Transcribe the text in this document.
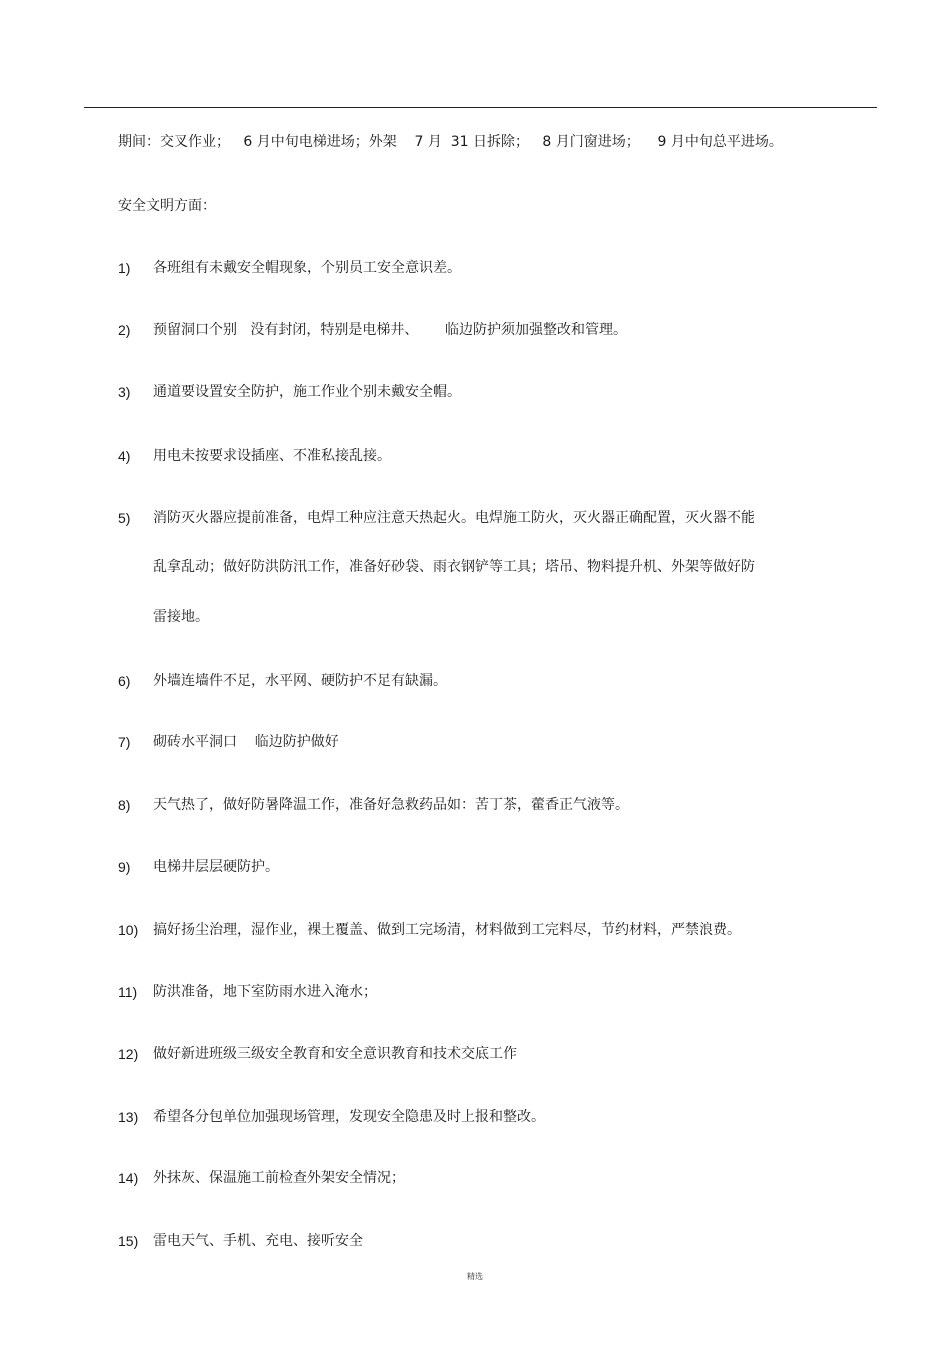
期间：交叉作业；   6 月中旬电梯进场；外架    7 月  31 日拆除；   8 月门窗进场；    9 月中旬总平进场。
安全文明方面：
1)	各班组有未戴安全帽现象，个别员工安全意识差。
2)	预留洞口个别   没有封闭，特别是电梯井、      临边防护须加强整改和管理。
3)	通道要设置安全防护，施工作业个别未戴安全帽。
4)	用电未按要求设插座、不准私接乱接。
5)	消防灭火器应提前准备，电焊工种应注意天热起火。电焊施工防火，灭火器正确配置，灭火器不能
乱拿乱动；做好防洪防汛工作，准备好砂袋、雨衣钢铲等工具；塔吊、物料提升机、外架等做好防
雷接地。
6)	外墙连墙件不足，水平网、硬防护不足有缺漏。
7)	砌砖水平洞口    临边防护做好
8)	天气热了，做好防暑降温工作，准备好急救药品如：苦丁茶，藿香正气液等。
9)	电梯井层层硬防护。
10)	搞好扬尘治理，湿作业，裸土覆盖、做到工完场清，材料做到工完料尽，节约材料，严禁浪费。
11)	防洪准备，地下室防雨水进入淹水；
12)	做好新进班级三级安全教育和安全意识教育和技术交底工作
13)	希望各分包单位加强现场管理，发现安全隐患及时上报和整改。
14)	外抹灰、保温施工前检查外架安全情况；
15)	雷电天气、手机、充电、接听安全
精选
